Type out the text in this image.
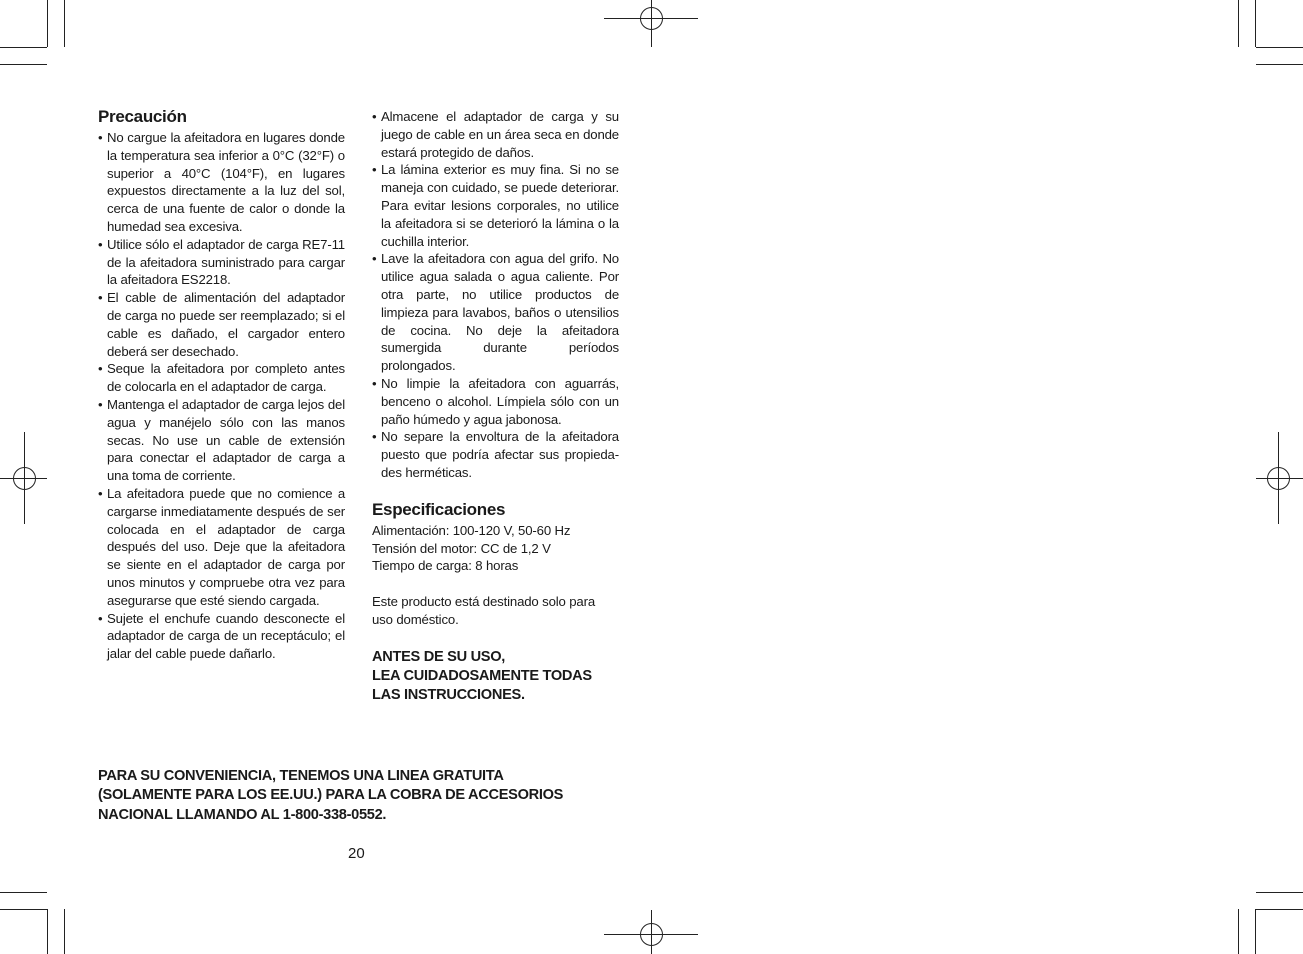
Precaución
• No cargue la afeitadora en lugares donde la temperatura sea inferior a 0°C (32°F) o superior a 40°C (104°F), en lugares expuestos directamente a la luz del sol, cerca de una fuente de calor o donde la humedad sea excesiva.
• Utilice sólo el adaptador de carga RE7-11 de la afeitadora suministrado para cargar la afeitadora ES2218.
• El cable de alimentación del adaptador de carga no puede ser reemplazado; si el cable es dañado, el cargador entero deberá ser desechado.
• Seque la afeitadora por completo antes de colocarla en el adaptador de carga.
• Mantenga el adaptador de carga lejos del agua y manéjelo sólo con las manos secas. No use un cable de extensión para conectar el adaptador de carga a una toma de corriente.
• La afeitadora puede que no comience a cargarse inmediatamente después de ser colocada en el adaptador de carga después del uso. Deje que la afeitadora se siente en el adaptador de carga por unos minutos y compruebe otra vez para asegurarse que esté siendo cargada.
• Sujete el enchufe cuando desconecte el adaptador de carga de un receptáculo; el jalar del cable puede dañarlo.
• Almacene el adaptador de carga y su juego de cable en un área seca en donde estará protegido de daños.
• La lámina exterior es muy fina. Si no se maneja con cuidado, se puede deteriorar. Para evitar lesions corporales, no utilice la afeitadora si se deterioró la lámina o la cuchilla interior.
• Lave la afeitadora con agua del grifo. No utilice agua salada o agua caliente. Por otra parte, no utilice productos de limpieza para lavabos, baños o utensilios de cocina. No deje la afeitadora sumergida durante períodos prolongados.
• No limpie la afeitadora con aguarrás, benceno o alcohol. Límpiela sólo con un paño húmedo y agua jabonosa.
• No separe la envoltura de la afeitadora puesto que podría afectar sus propieda-des herméticas.
Especificaciones
Alimentación: 100-120 V, 50-60 Hz
Tensión del motor: CC de 1,2 V
Tiempo de carga: 8 horas
Este producto está destinado solo para uso doméstico.
ANTES DE SU USO,
LEA CUIDADOSAMENTE TODAS
LAS INSTRUCCIONES.
PARA SU CONVENIENCIA, TENEMOS UNA LINEA GRATUITA
(SOLAMENTE PARA LOS EE.UU.) PARA LA COBRA DE ACCESORIOS
NACIONAL LLAMANDO AL 1-800-338-0552.
20
